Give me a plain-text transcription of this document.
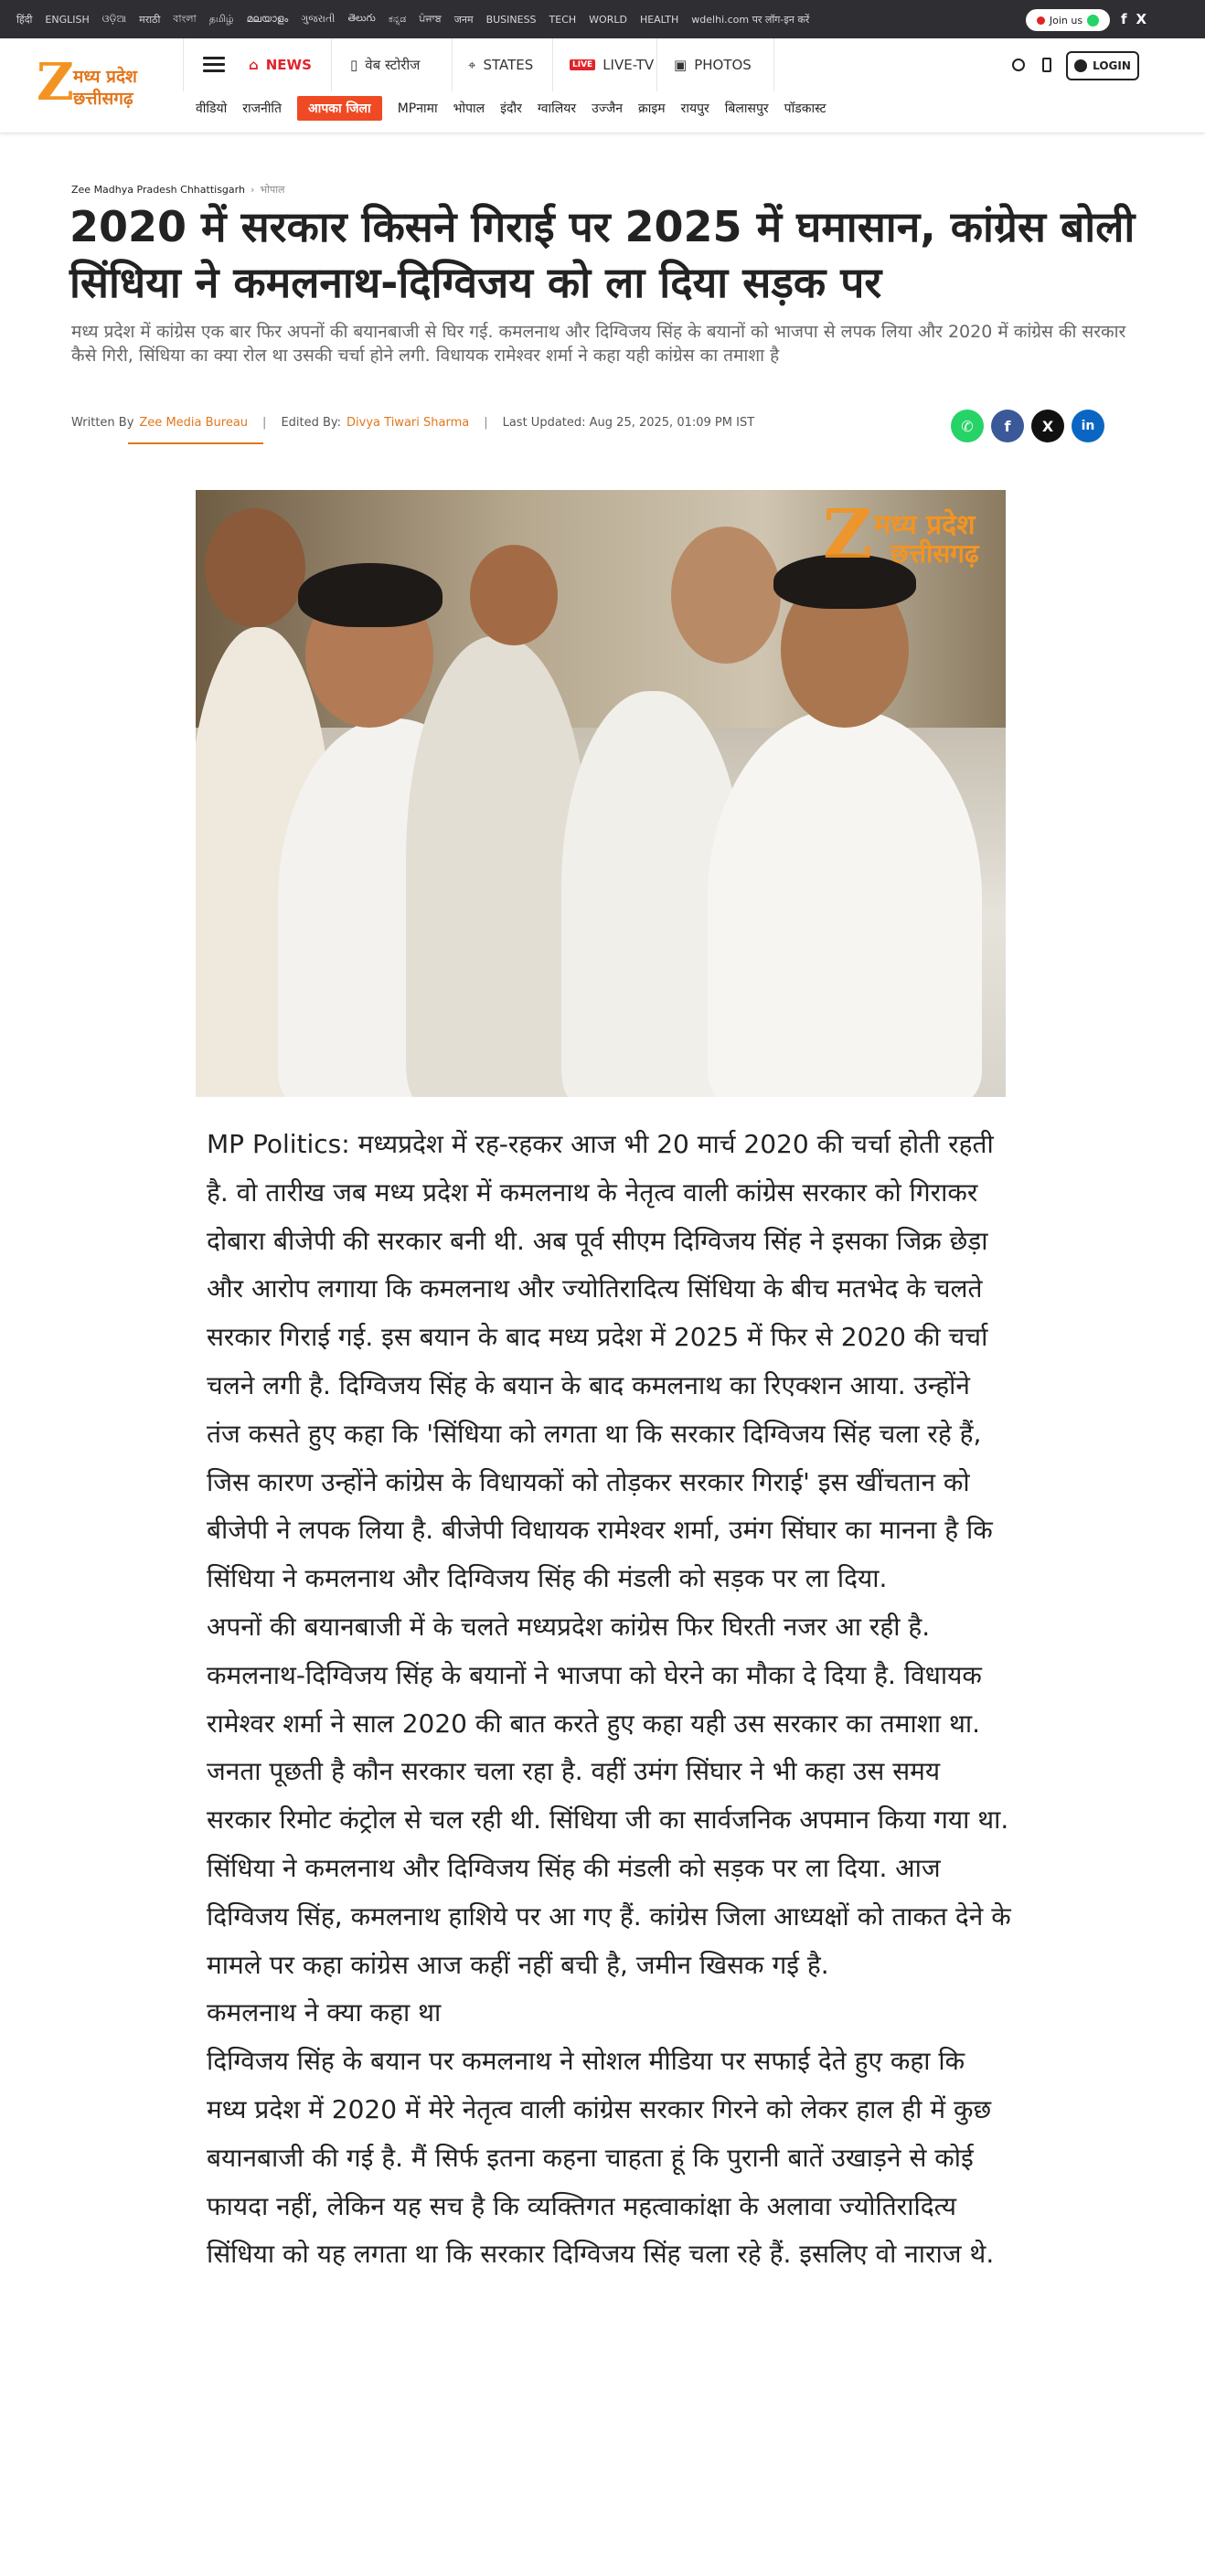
हिंदी ENGLISH ଓଡ଼ିଆ मराठी বাংলা தமிழ் മലയാളം ગુજરાતી తెలుగు ಕನ್ನಡ ਪੰਜਾਬ जनम BUSINESS TECH WORLD HEALTH wdelhi.com पर लॉग-इन करें	Join us	f X
Z मध्य प्रदेश
छत्तीसगढ़
⌂ NEWS	▯ वेब स्टोरीज	⌖ STATES	LIVE LIVE-TV ▣ PHOTOS	LOGIN
वीडियो राजनीति	आपका जिला	MPनामा भोपाल इंदौर ग्वालियर उज्जैन क्राइम रायपुर बिलासपुर पॉडकास्ट
Zee Madhya Pradesh Chhattisgarh › भोपाल
2020 में सरकार किसने गिराई पर 2025 में घमासान, कांग्रेस बोली सिंधिया ने कमलनाथ-दिग्विजय को ला दिया सड़क पर

मध्य प्रदेश में कांग्रेस एक बार फिर अपनों की बयानबाजी से घिर गई. कमलनाथ और दिग्विजय सिंह के बयानों को भाजपा से लपक लिया और 2020 में कांग्रेस की सरकार कैसे गिरी, सिंधिया का क्या रोल था उसकी चर्चा होने लगी. विधायक रामेश्वर शर्मा ने कहा यही कांग्रेस का तमाशा है

Written By Zee Media Bureau | Edited By: Divya Tiwari Sharma | Last Updated: Aug 25, 2025, 01:09 PM IST	✆	f	X	in
Z मध्य प्रदेश
छत्तीसगढ़

MP Politics: मध्यप्रदेश में रह-रहकर आज भी 20 मार्च 2020 की चर्चा होती रहती है. वो तारीख जब मध्य प्रदेश में कमलनाथ के नेतृत्व वाली कांग्रेस सरकार को गिराकर दोबारा बीजेपी की सरकार बनी थी. अब पूर्व सीएम दिग्विजय सिंह ने इसका जिक्र छेड़ा और आरोप लगाया कि कमलनाथ और ज्योतिरादित्य सिंधिया के बीच मतभेद के चलते सरकार गिराई गई. इस बयान के बाद मध्य प्रदेश में 2025 में फिर से 2020 की चर्चा चलने लगी है. दिग्विजय सिंह के बयान के बाद कमलनाथ का रिएक्शन आया. उन्होंने तंज कसते हुए कहा कि 'सिंधिया को लगता था कि सरकार दिग्विजय सिंह चला रहे हैं, जिस कारण उन्होंने कांग्रेस के विधायकों को तोड़कर सरकार गिराई' इस खींचतान को बीजेपी ने लपक लिया है. बीजेपी विधायक रामेश्वर शर्मा, उमंग सिंघार का मानना है कि सिंधिया ने कमलनाथ और दिग्विजय सिंह की मंडली को सड़क पर ला दिया.

अपनों की बयानबाजी में के चलते मध्यप्रदेश कांग्रेस फिर घिरती नजर आ रही है. कमलनाथ-दिग्विजय सिंह के बयानों ने भाजपा को घेरने का मौका दे दिया है. विधायक रामेश्वर शर्मा ने साल 2020 की बात करते हुए कहा यही उस सरकार का तमाशा था. जनता पूछती है कौन सरकार चला रहा है. वहीं उमंग सिंघार ने भी कहा उस समय सरकार रिमोट कंट्रोल से चल रही थी. सिंधिया जी का सार्वजनिक अपमान किया गया था. सिंधिया ने कमलनाथ और दिग्विजय सिंह की मंडली को सड़क पर ला दिया. आज दिग्विजय सिंह, कमलनाथ हाशिये पर आ गए हैं. कांग्रेस जिला आध्यक्षों को ताकत देने के मामले पर कहा कांग्रेस आज कहीं नहीं बची है, जमीन खिसक गई है.

कमलनाथ ने क्या कहा था

दिग्विजय सिंह के बयान पर कमलनाथ ने सोशल मीडिया पर सफाई देते हुए कहा कि मध्य प्रदेश में 2020 में मेरे नेतृत्व वाली कांग्रेस सरकार गिरने को लेकर हाल ही में कुछ बयानबाजी की गई है. मैं सिर्फ इतना कहना चाहता हूं कि पुरानी बातें उखाड़ने से कोई फायदा नहीं, लेकिन यह सच है कि व्यक्तिगत महत्वाकांक्षा के अलावा ज्योतिरादित्य सिंधिया को यह लगता था कि सरकार दिग्विजय सिंह चला रहे हैं. इसलिए वो नाराज थे.
